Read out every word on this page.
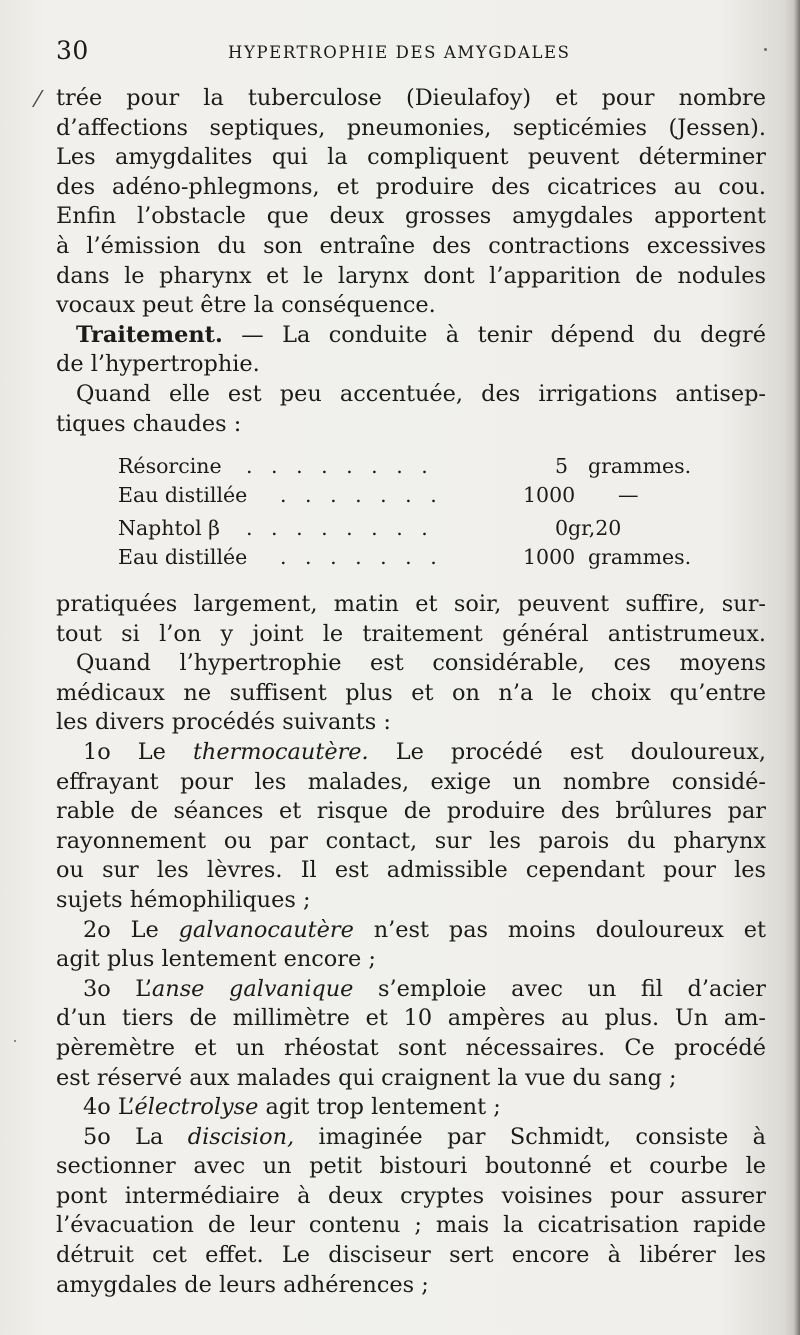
30	HYPERTROPHIE DES AMYGDALES
⁄ trée pour la tuberculose (Dieulafoy) et pour nombre
d’affections septiques, pneumonies, septicémies (Jessen).
Les amygdalites qui la compliquent peuvent déterminer
des adéno-phlegmons, et produire des cicatrices au cou.
Enfin l’obstacle que deux grosses amygdales apportent
à l’émission du son entraîne des contractions excessives
dans le pharynx et le larynx dont l’apparition de nodules
vocaux peut être la conséquence.
Traitement. — La conduite à tenir dépend du degré
de l’hypertrophie.
Quand elle est peu accentuée, des irrigations antisep-
tiques chaudes :
Résorcine . . . . . . . .	5 grammes.
Eau distillée . . . . . . .	1000 —
Naphtol β . . . . . . . .	0gr,20
Eau distillée . . . . . . .	1000 grammes.
pratiquées largement, matin et soir, peuvent suffire, sur-
tout si l’on y joint le traitement général antistrumeux.
Quand l’hypertrophie est considérable, ces moyens
médicaux ne suffisent plus et on n’a le choix qu’entre
les divers procédés suivants :
1o Le thermocautère. Le procédé est douloureux,
effrayant pour les malades, exige un nombre considé-
rable de séances et risque de produire des brûlures par
rayonnement ou par contact, sur les parois du pharynx
ou sur les lèvres. Il est admissible cependant pour les
sujets hémophiliques ;
2o Le galvanocautère n’est pas moins douloureux et
agit plus lentement encore ;
3o L’anse galvanique s’emploie avec un fil d’acier
d’un tiers de millimètre et 10 ampères au plus. Un am-
pèremètre et un rhéostat sont nécessaires. Ce procédé
est réservé aux malades qui craignent la vue du sang ;
4o L’électrolyse agit trop lentement ;
5o La discision, imaginée par Schmidt, consiste à
sectionner avec un petit bistouri boutonné et courbe le
pont intermédiaire à deux cryptes voisines pour assurer
l’évacuation de leur contenu ; mais la cicatrisation rapide
détruit cet effet. Le disciseur sert encore à libérer les
amygdales de leurs adhérences ;
